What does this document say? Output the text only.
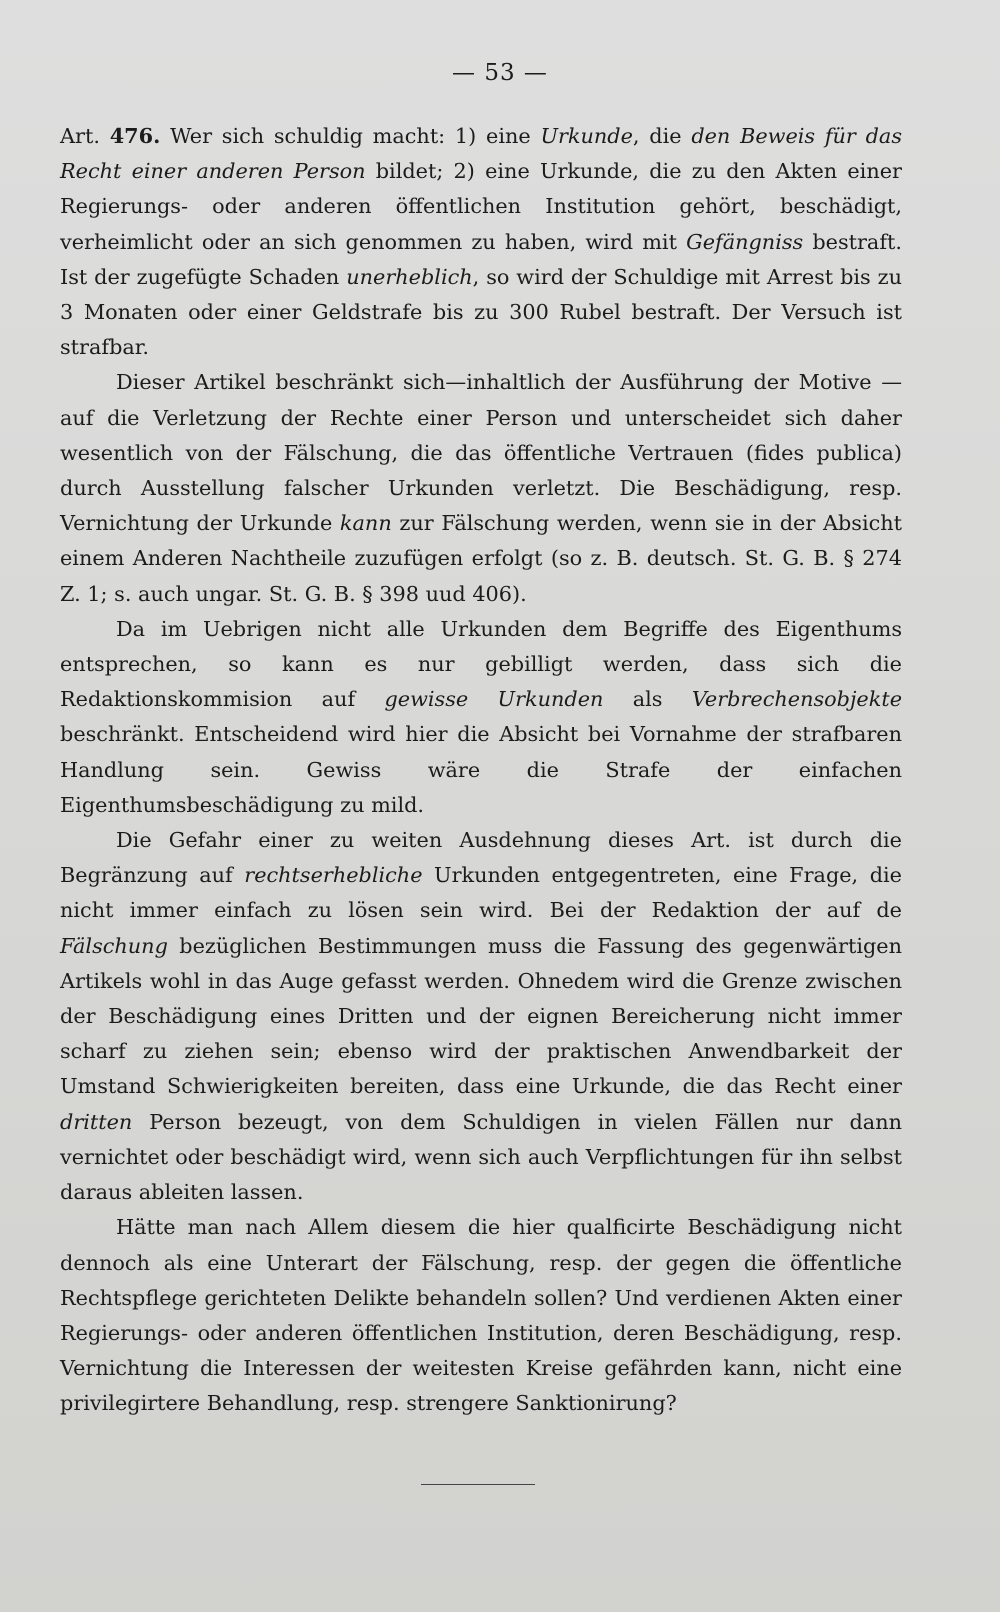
— 53 —

Art. 476. Wer sich schuldig macht: 1) eine Urkunde, die den Beweis für das Recht einer anderen Person bildet; 2) eine Urkunde, die zu den Akten einer Regierungs- oder anderen öffentlichen Institution gehört, beschädigt, verheimlicht oder an sich genommen zu haben, wird mit Gefängniss bestraft. Ist der zugefügte Schaden unerheblich, so wird der Schuldige mit Arrest bis zu 3 Monaten oder einer Geldstrafe bis zu 300 Rubel bestraft. Der Versuch ist strafbar.

Dieser Artikel beschränkt sich—inhaltlich der Ausführung der Motive — auf die Verletzung der Rechte einer Person und unterscheidet sich daher wesentlich von der Fälschung, die das öffentliche Vertrauen (fides publica) durch Ausstellung falscher Urkunden verletzt. Die Beschädigung, resp. Vernichtung der Urkunde kann zur Fälschung werden, wenn sie in der Absicht einem Anderen Nachtheile zuzufügen erfolgt (so z. B. deutsch. St. G. B. § 274 Z. 1; s. auch ungar. St. G. B. § 398 uud 406).

Da im Uebrigen nicht alle Urkunden dem Begriffe des Eigenthums entsprechen, so kann es nur gebilligt werden, dass sich die Redaktionskommision auf gewisse Urkunden als Verbrechensobjekte beschränkt. Entscheidend wird hier die Absicht bei Vornahme der strafbaren Handlung sein. Gewiss wäre die Strafe der einfachen Eigenthumsbeschädigung zu mild.

Die Gefahr einer zu weiten Ausdehnung dieses Art. ist durch die Begränzung auf rechtserhebliche Urkunden entgegentreten, eine Frage, die nicht immer einfach zu lösen sein wird. Bei der Redaktion der auf de Fälschung bezüglichen Bestimmungen muss die Fassung des gegenwärtigen Artikels wohl in das Auge gefasst werden. Ohnedem wird die Grenze zwischen der Beschädigung eines Dritten und der eignen Bereicherung nicht immer scharf zu ziehen sein; ebenso wird der praktischen Anwendbarkeit der Umstand Schwierigkeiten bereiten, dass eine Urkunde, die das Recht einer dritten Person bezeugt, von dem Schuldigen in vielen Fällen nur dann vernichtet oder beschädigt wird, wenn sich auch Verpflichtungen für ihn selbst daraus ableiten lassen.

Hätte man nach Allem diesem die hier qualficirte Beschädigung nicht dennoch als eine Unterart der Fälschung, resp. der gegen die öffentliche Rechtspflege gerichteten Delikte behandeln sollen? Und verdienen Akten einer Regierungs- oder anderen öffentlichen Institution, deren Beschädigung, resp. Vernichtung die Interessen der weitesten Kreise gefährden kann, nicht eine privilegirtere Behandlung, resp. strengere Sanktionirung?
